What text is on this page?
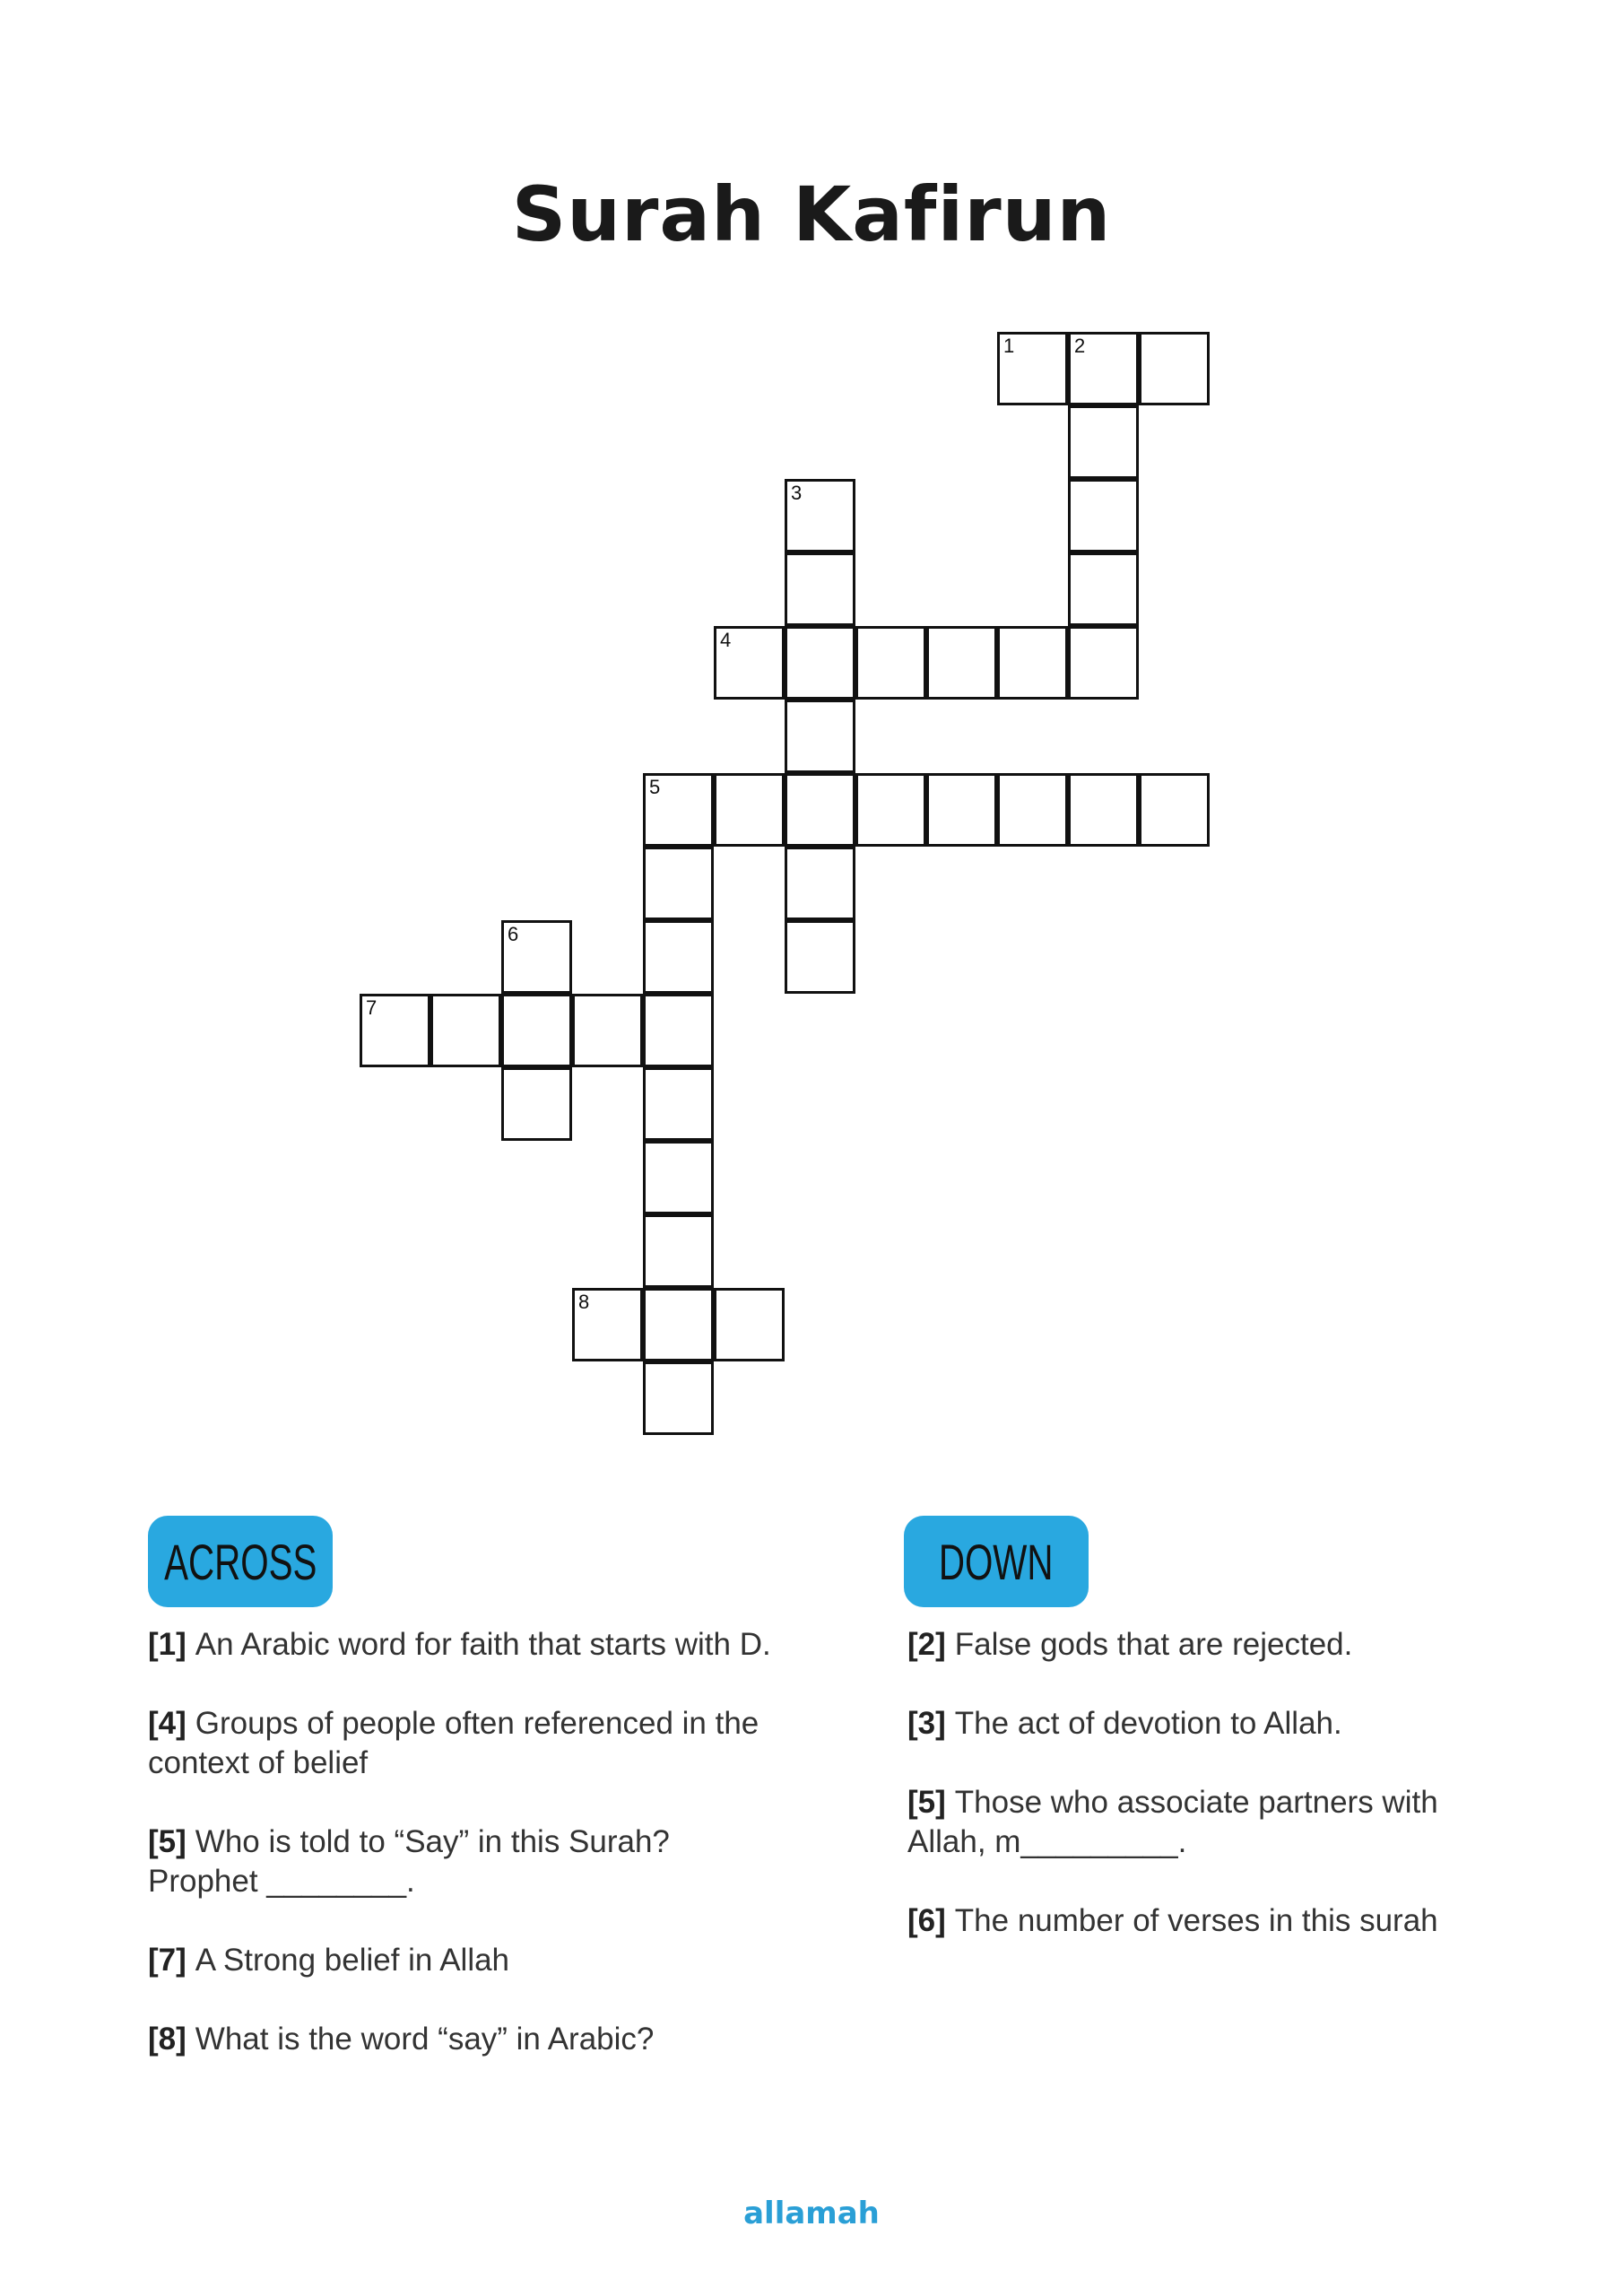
Surah Kafirun
1	2
3
4
5
6
7
8
ACROSS
[1] An Arabic word for faith that starts with D.
[4] Groups of people often referenced in the context of belief
[5] Who is told to “Say” in this Surah? Prophet ________.
[7] A Strong belief in Allah
[8] What is the word “say” in Arabic?
DOWN
[2] False gods that are rejected.
[3] The act of devotion to Allah.
[5] Those who associate partners with Allah, m_________.
[6] The number of verses in this surah
allamah
